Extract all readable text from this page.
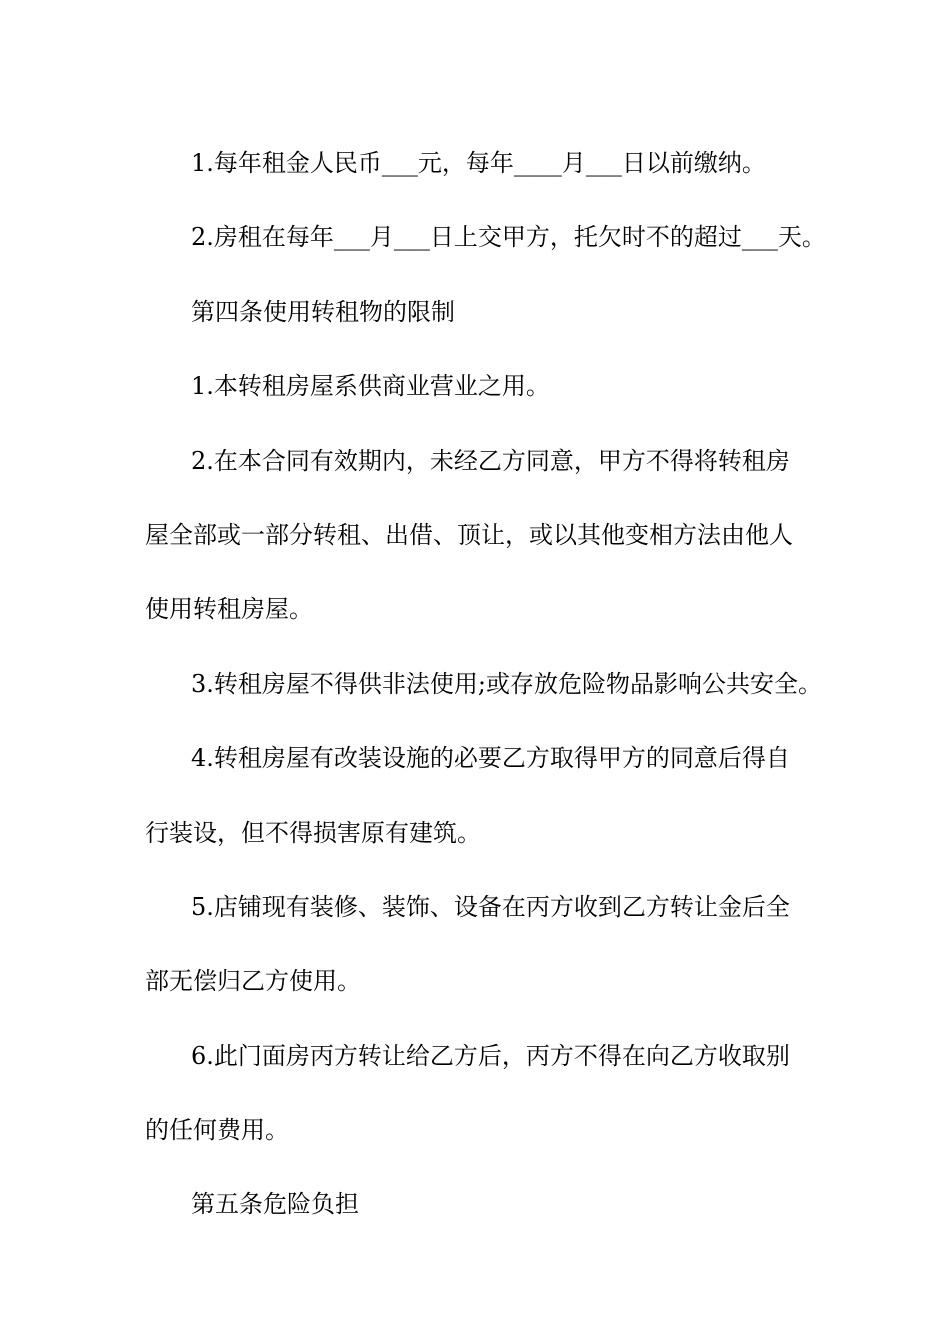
1.每年租金人民币___元，每年____月___日以前缴纳。
2.房租在每年___月___日上交甲方，托欠时不的超过___天。
第四条使用转租物的限制
1.本转租房屋系供商业营业之用。
2.在本合同有效期内，未经乙方同意，甲方不得将转租房
屋全部或一部分转租、出借、顶让，或以其他变相方法由他人
使用转租房屋。
3.转租房屋不得供非法使用;或存放危险物品影响公共安全。
4.转租房屋有改装设施的必要乙方取得甲方的同意后得自
行装设，但不得损害原有建筑。
5.店铺现有装修、装饰、设备在丙方收到乙方转让金后全
部无偿归乙方使用。
6.此门面房丙方转让给乙方后，丙方不得在向乙方收取别
的任何费用。
第五条危险负担
